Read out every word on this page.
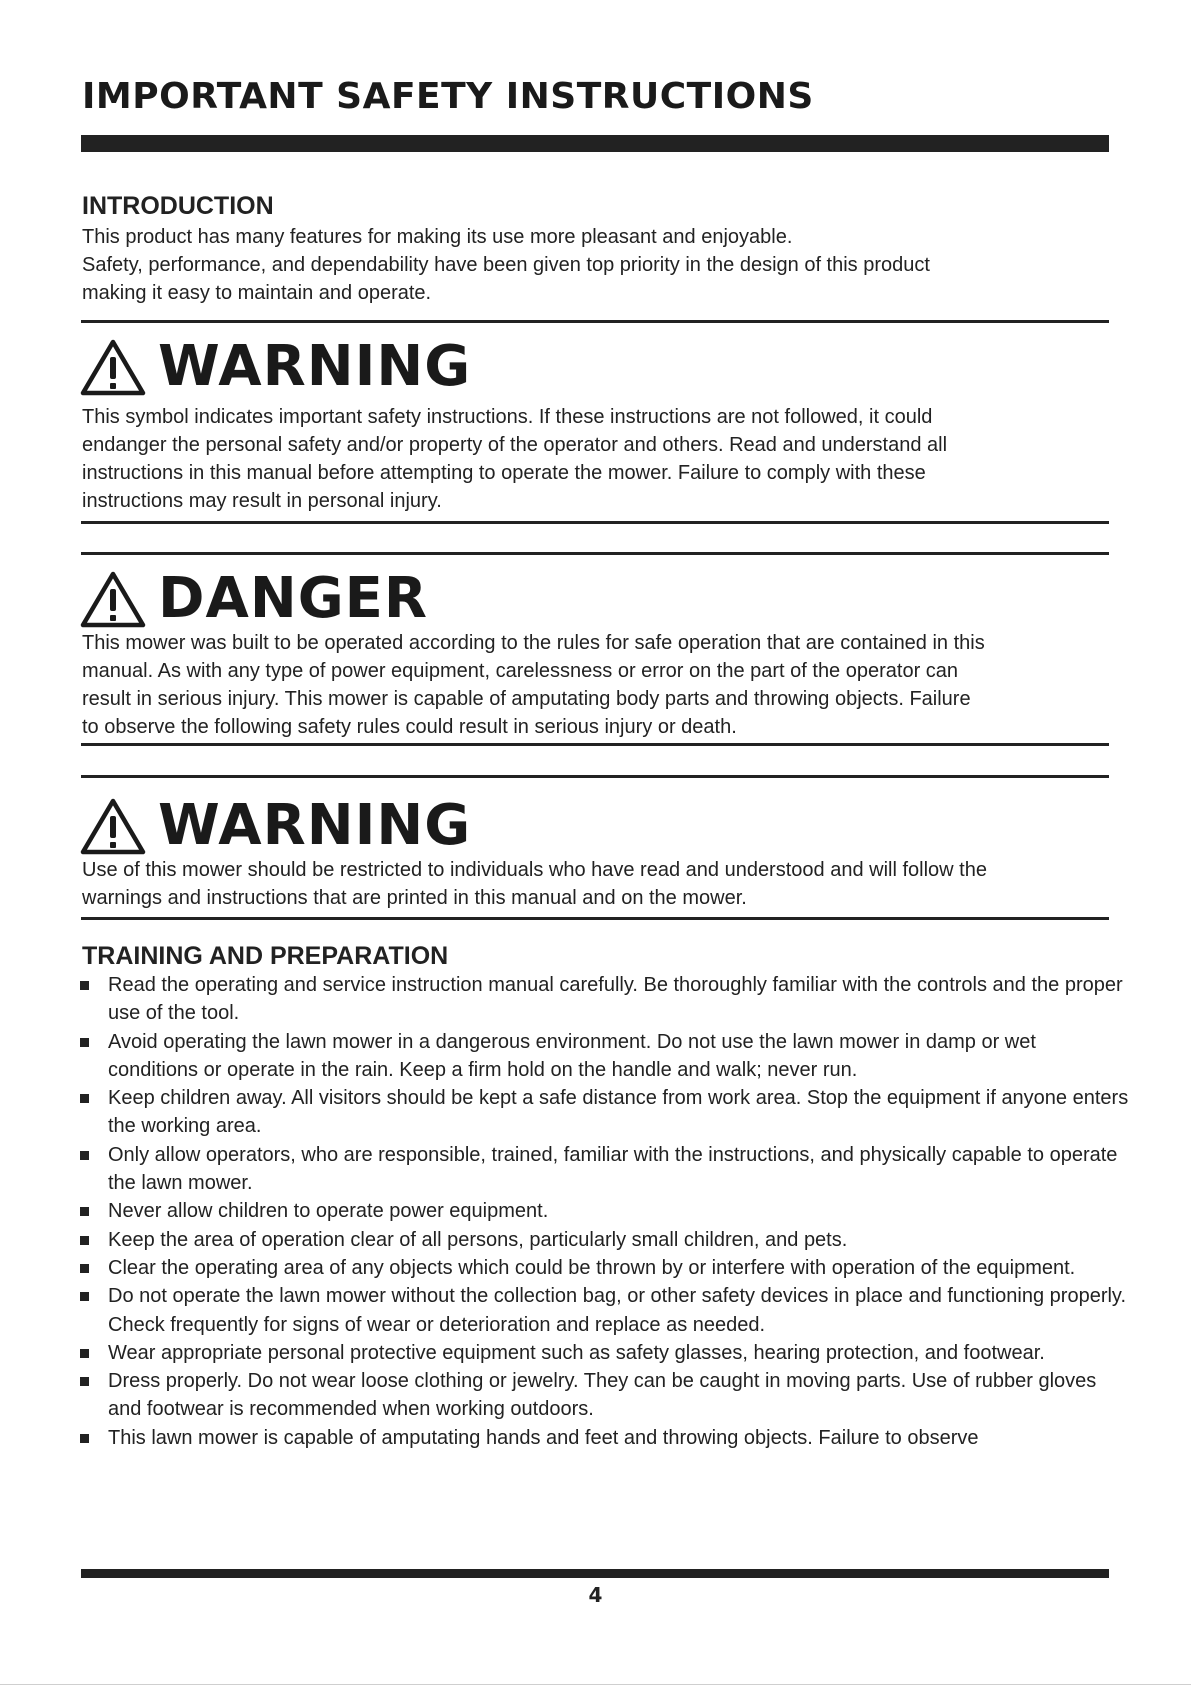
IMPORTANT SAFETY INSTRUCTIONS
INTRODUCTION
This product has many features for making its use more pleasant and enjoyable.
Safety, performance, and dependability have been given top priority in the design of this product
making it easy to maintain and operate.
WARNING
This symbol indicates important safety instructions. If these instructions are not followed, it could
endanger the personal safety and/or property of the operator and others. Read and understand all
instructions in this manual before attempting to operate the mower. Failure to comply with these
instructions may result in personal injury.
DANGER
This mower was built to be operated according to the rules for safe operation that are contained in this
manual. As with any type of power equipment, carelessness or error on the part of the operator can
result in serious injury. This mower is capable of amputating body parts and throwing objects. Failure
to observe the following safety rules could result in serious injury or death.
WARNING
Use of this mower should be restricted to individuals who have read and understood and will follow the
warnings and instructions that are printed in this manual and on the mower.
TRAINING AND PREPARATION
Read the operating and service instruction manual carefully. Be thoroughly familiar with the controls and the proper use of the tool.
Avoid operating the lawn mower in a dangerous environment. Do not use the lawn mower in damp or wet conditions or operate in the rain. Keep a firm hold on the handle and walk; never run.
Keep children away. All visitors should be kept a safe distance from work area. Stop the equipment if anyone enters the working area.
Only allow operators, who are responsible, trained, familiar with the instructions, and physically capable to operate the lawn mower.
Never allow children to operate power equipment.
Keep the area of operation clear of all persons, particularly small children, and pets.
Clear the operating area of any objects which could be thrown by or interfere with operation of the equipment.
Do not operate the lawn mower without the collection bag, or other safety devices in place and functioning properly. Check frequently for signs of wear or deterioration and replace as needed.
Wear appropriate personal protective equipment such as safety glasses, hearing protection, and footwear.
Dress properly. Do not wear loose clothing or jewelry. They can be caught in moving parts. Use of rubber gloves and footwear is recommended when working outdoors.
This lawn mower is capable of amputating hands and feet and throwing objects. Failure to observe
4
